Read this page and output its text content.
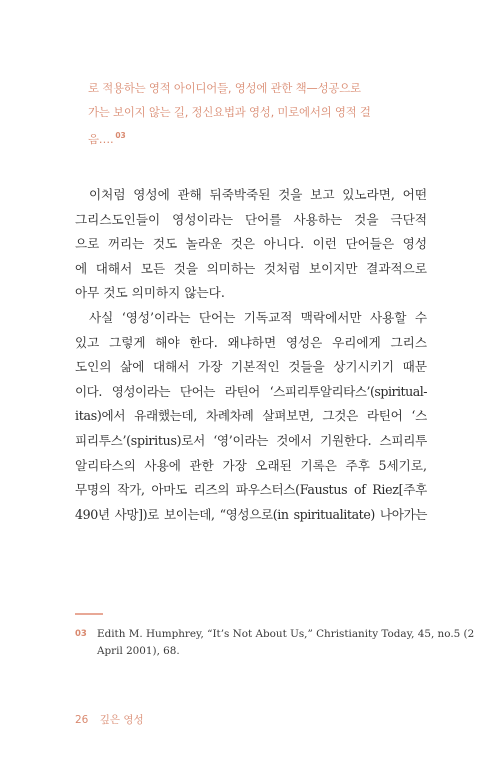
로 적용하는 영적 아이디어들, 영성에 관한 책—성공으로
가는 보이지 않는 길, 정신요법과 영성, 미로에서의 영적 걸
음…. $^{03}$
이처럼 영성에 관해 뒤죽박죽된 것을 보고 있노라면, 어떤
그리스도인들이 영성이라는 단어를 사용하는 것을 극단적
으로 꺼리는 것도 놀라운 것은 아니다. 이런 단어들은 영성
에 대해서 모든 것을 의미하는 것처럼 보이지만 결과적으로
아무 것도 의미하지 않는다.
사실 ‘영성’이라는 단어는 기독교적 맥락에서만 사용할 수
있고 그렇게 해야 한다. 왜냐하면 영성은 우리에게 그리스
도인의 삶에 대해서 가장 기본적인 것들을 상기시키기 때문
이다. 영성이라는 단어는 라틴어 ‘스피리투알리타스’(spiritual-
itas)에서 유래했는데, 차례차례 살펴보면, 그것은 라틴어 ‘스
피리투스’(spiritus)로서 ‘영’이라는 것에서 기원한다. 스피리투
알리타스의 사용에 관한 가장 오래된 기록은 주후 5세기로,
무명의 작가, 아마도 리즈의 파우스터스(Faustus of Riez[주후
490년 사망])로 보이는데, “영성으로(in spiritualitate) 나아가는
03 Edith M. Humphrey, “It’s Not About Us,” Christianity Today, 45, no.5 (2
April 2001), 68.
26 깊은 영성
